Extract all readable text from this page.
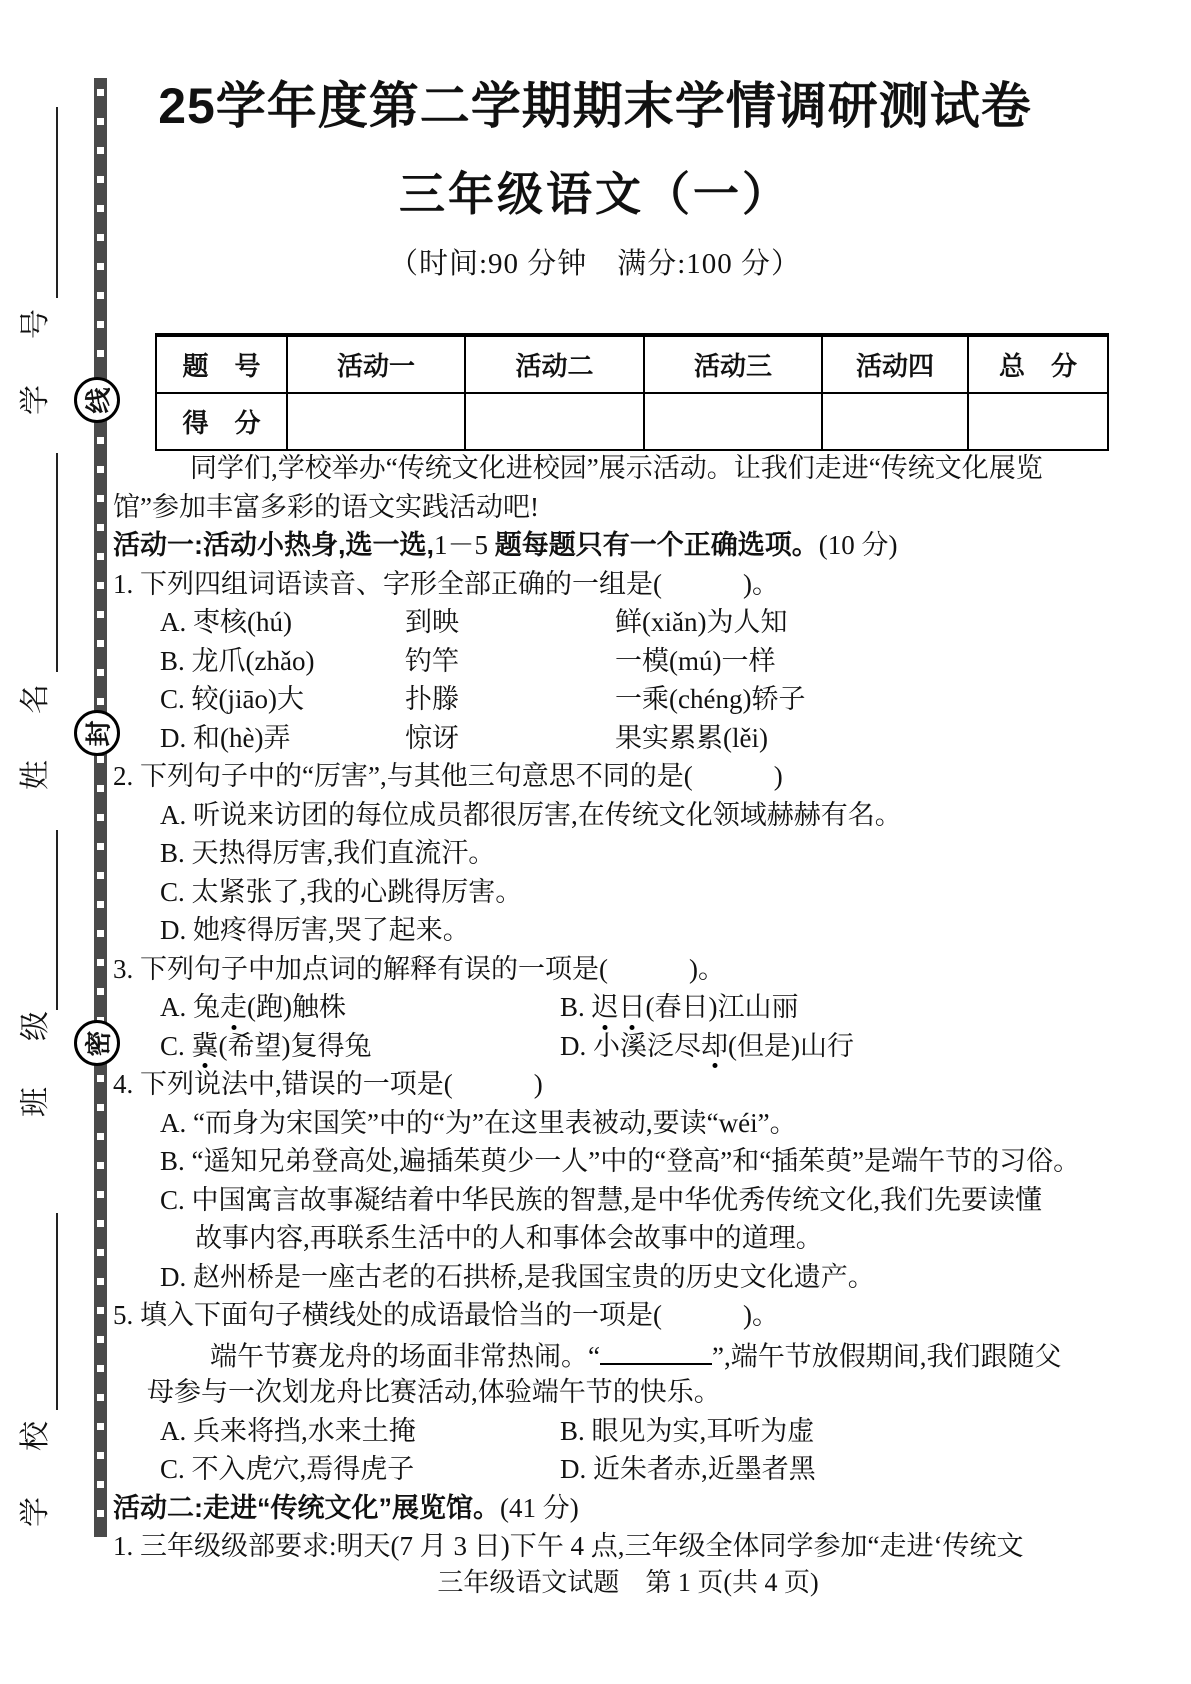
学　号
姓　名
班　级
学　校
线
封
密
25学年度第二学期期末学情调研测试卷
三年级语文（一）
（时间:90 分钟　满分:100 分）
题　号	活动一	活动二	活动三	活动四	总　分
得　分					
同学们,学校举办“传统文化进校园”展示活动。让我们走进“传统文化展览
馆”参加丰富多彩的语文实践活动吧!
活动一:活动小热身,选一选,1－5 题每题只有一个正确选项。(10 分)
1. 下列四组词语读音、字形全部正确的一组是(　　　)。
A. 枣核(hú)	到映	鲜(xiǎn)为人知
B. 龙爪(zhǎo)	钓竿	一模(mú)一样
C. 较(jiāo)大	扑滕	一乘(chéng)轿子
D. 和(hè)弄	惊讶	果实累累(lěi)
2. 下列句子中的“厉害”,与其他三句意思不同的是(　　　)
A. 听说来访团的每位成员都很厉害,在传统文化领域赫赫有名。
B. 天热得厉害,我们直流汗。
C. 太紧张了,我的心跳得厉害。
D. 她疼得厉害,哭了起来。
3. 下列句子中加点词的解释有误的一项是(　　　)。
A. 兔走(跑)触株	B. 迟日(春日)江山丽
C. 冀(希望)复得兔	D. 小溪泛尽却(但是)山行
4. 下列说法中,错误的一项是(　　　)
A. “而身为宋国笑”中的“为”在这里表被动,要读“wéi”。
B. “遥知兄弟登高处,遍插茱萸少一人”中的“登高”和“插茱萸”是端午节的习俗。
C. 中国寓言故事凝结着中华民族的智慧,是中华优秀传统文化,我们先要读懂
故事内容,再联系生活中的人和事体会故事中的道理。
D. 赵州桥是一座古老的石拱桥,是我国宝贵的历史文化遗产。
5. 填入下面句子横线处的成语最恰当的一项是(　　　)。
端午节赛龙舟的场面非常热闹。“	”,端午节放假期间,我们跟随父
母参与一次划龙舟比赛活动,体验端午节的快乐。
A. 兵来将挡,水来土掩	B. 眼见为实,耳听为虚
C. 不入虎穴,焉得虎子	D. 近朱者赤,近墨者黑
活动二:走进“传统文化”展览馆。(41 分)
1. 三年级级部要求:明天(7 月 3 日)下午 4 点,三年级全体同学参加“走进‘传统文
三年级语文试题　第 1 页(共 4 页)
